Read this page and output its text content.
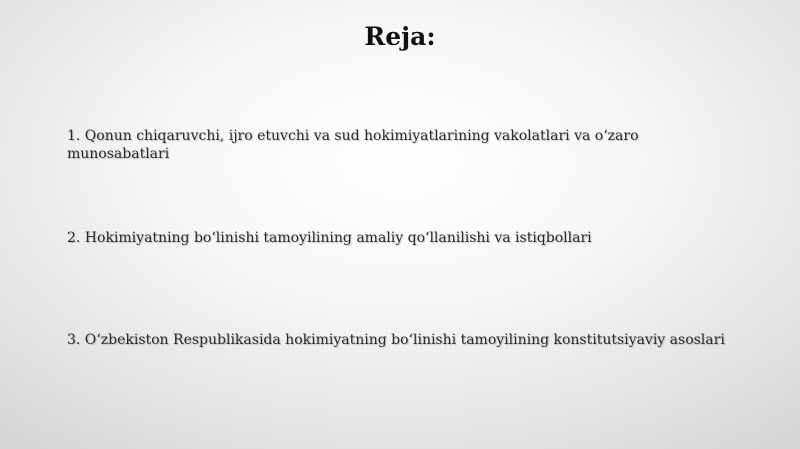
Reja:
1. Qonun chiqaruvchi, ijro etuvchi va sud hokimiyatlarining vakolatlari va o‘zaro munosabatlari
2. Hokimiyatning bo‘linishi tamoyilining amaliy qo‘llanilishi va istiqbollari
3. O‘zbekiston Respublikasida hokimiyatning bo‘linishi tamoyilining konstitutsiyaviy asoslari
